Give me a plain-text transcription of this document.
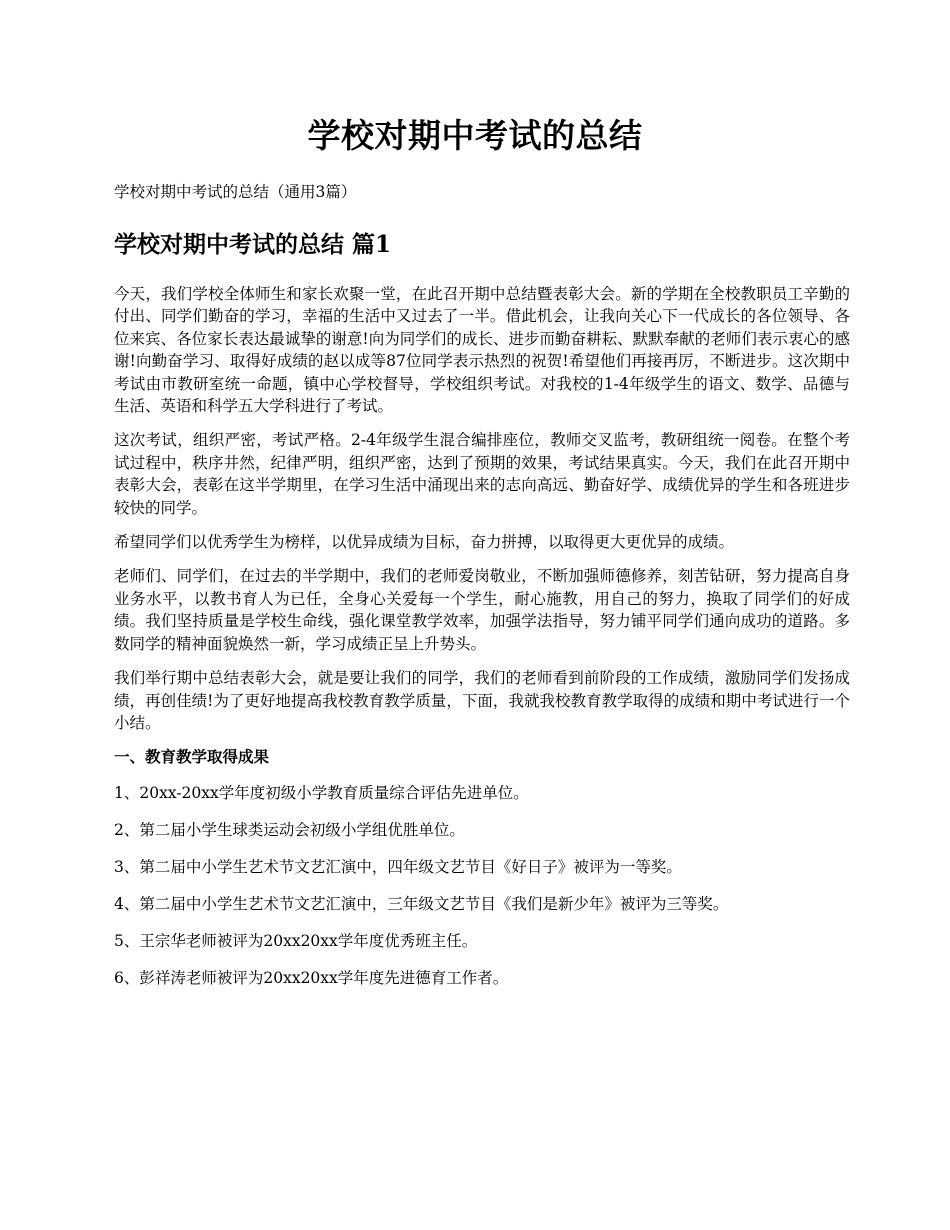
学校对期中考试的总结

学校对期中考试的总结（通用3篇）

学校对期中考试的总结 篇1

今天，我们学校全体师生和家长欢聚一堂，在此召开期中总结暨表彰大会。新的学期在全校教职员工辛勤的付出、同学们勤奋的学习，幸福的生活中又过去了一半。借此机会，让我向关心下一代成长的各位领导、各位来宾、各位家长表达最诚挚的谢意!向为同学们的成长、进步而勤奋耕耘、默默奉献的老师们表示衷心的感谢!向勤奋学习、取得好成绩的赵以成等87位同学表示热烈的祝贺!希望他们再接再厉，不断进步。这次期中考试由市教研室统一命题，镇中心学校督导，学校组织考试。对我校的1-4年级学生的语文、数学、品德与生活、英语和科学五大学科进行了考试。

这次考试，组织严密，考试严格。2-4年级学生混合编排座位，教师交叉监考，教研组统一阅卷。在整个考试过程中，秩序井然，纪律严明，组织严密，达到了预期的效果，考试结果真实。今天，我们在此召开期中表彰大会，表彰在这半学期里，在学习生活中涌现出来的志向高远、勤奋好学、成绩优异的学生和各班进步较快的同学。

希望同学们以优秀学生为榜样，以优异成绩为目标，奋力拼搏，以取得更大更优异的成绩。

老师们、同学们，在过去的半学期中，我们的老师爱岗敬业，不断加强师德修养，刻苦钻研，努力提高自身业务水平，以教书育人为已任，全身心关爱每一个学生，耐心施教，用自己的努力，换取了同学们的好成绩。我们坚持质量是学校生命线，强化课堂教学效率，加强学法指导，努力铺平同学们通向成功的道路。多数同学的精神面貌焕然一新，学习成绩正呈上升势头。

我们举行期中总结表彰大会，就是要让我们的同学，我们的老师看到前阶段的工作成绩，激励同学们发扬成绩，再创佳绩!为了更好地提高我校教育教学质量，下面，我就我校教育教学取得的成绩和期中考试进行一个小结。

一、教育教学取得成果

1、20xx-20xx学年度初级小学教育质量综合评估先进单位。

2、第二届小学生球类运动会初级小学组优胜单位。

3、第二届中小学生艺术节文艺汇演中，四年级文艺节目《好日子》被评为一等奖。

4、第二届中小学生艺术节文艺汇演中，三年级文艺节目《我们是新少年》被评为三等奖。

5、王宗华老师被评为20xx20xx学年度优秀班主任。

6、彭祥涛老师被评为20xx20xx学年度先进德育工作者。
